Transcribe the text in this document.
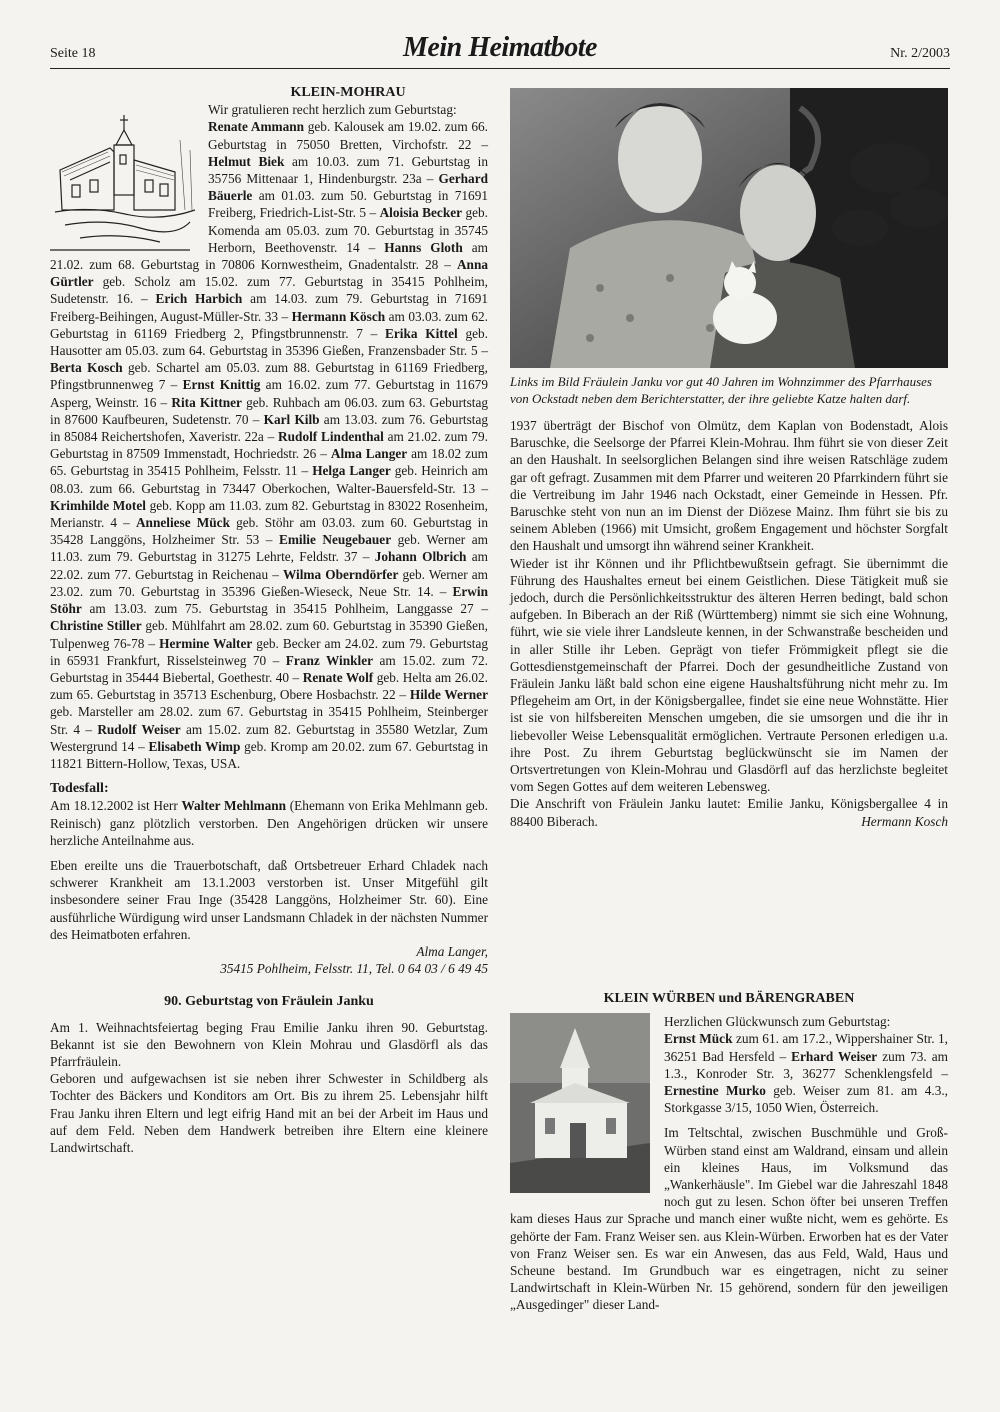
Seite 18	Mein Heimatbote	Nr. 2/2003
KLEIN-MOHRAU

Wir gratulieren recht herzlich zum Geburtstag:

Renate Ammann geb. Kalousek am 19.02. zum 66. Geburtstag in 75050 Bretten, Virchofstr. 22 – Helmut Biek am 10.03. zum 71. Geburtstag in 35756 Mittenaar 1, Hindenburgstr. 23a – Gerhard Bäuerle am 01.03. zum 50. Geburtstag in 71691 Freiberg, Friedrich-List-Str. 5 – Aloisia Becker geb. Komenda am 05.03. zum 70. Geburtstag in 35745 Herborn, Beethovenstr. 14 – Hanns Gloth am 21.02. zum 68. Geburtstag in 70806 Kornwestheim, Gnadentalstr. 28 – Anna Gürtler geb. Scholz am 15.02. zum 77. Geburtstag in 35415 Pohlheim, Sudetenstr. 16. – Erich Harbich am 14.03. zum 79. Geburtstag in 71691 Freiberg-Beihingen, August-Müller-Str. 33 – Hermann Kösch am 03.03. zum 62. Geburtstag in 61169 Friedberg 2, Pfingstbrunnenstr. 7 – Erika Kittel geb. Hausotter am 05.03. zum 64. Geburtstag in 35396 Gießen, Franzensbader Str. 5 – Berta Kosch geb. Schartel am 05.03. zum 88. Geburtstag in 61169 Friedberg, Pfingstbrunnenweg 7 – Ernst Knittig am 16.02. zum 77. Geburtstag in 11679 Asperg, Weinstr. 16 – Rita Kittner geb. Ruhbach am 06.03. zum 63. Geburtstag in 87600 Kaufbeuren, Sudetenstr. 70 – Karl Kilb am 13.03. zum 76. Geburtstag in 85084 Reichertshofen, Xaveristr. 22a – Rudolf Lindenthal am 21.02. zum 79. Geburtstag in 87509 Immenstadt, Hochriedstr. 26 – Alma Langer am 18.02 zum 65. Geburtstag in 35415 Pohlheim, Felsstr. 11 – Helga Langer geb. Heinrich am 08.03. zum 66. Geburtstag in 73447 Oberkochen, Walter-Bauersfeld-Str. 13 – Krimhilde Motel geb. Kopp am 11.03. zum 82. Geburtstag in 83022 Rosenheim, Merianstr. 4 – Anneliese Mück geb. Stöhr am 03.03. zum 60. Geburtstag in 35428 Langgöns, Holzheimer Str. 53 – Emilie Neugebauer geb. Werner am 11.03. zum 79. Geburtstag in 31275 Lehrte, Feldstr. 37 – Johann Olbrich am 22.02. zum 77. Geburtstag in Reichenau – Wilma Oberndörfer geb. Werner am 23.02. zum 70. Geburtstag in 35396 Gießen-Wieseck, Neue Str. 14. – Erwin Stöhr am 13.03. zum 75. Geburtstag in 35415 Pohlheim, Langgasse 27 – Christine Stiller geb. Mühlfahrt am 28.02. zum 60. Geburtstag in 35390 Gießen, Tulpenweg 76-78 – Hermine Walter geb. Becker am 24.02. zum 79. Geburtstag in 65931 Frankfurt, Risselsteinweg 70 – Franz Winkler am 15.02. zum 72. Geburtstag in 35444 Biebertal, Goethestr. 40 – Renate Wolf geb. Helta am 26.02. zum 65. Geburtstag in 35713 Eschenburg, Obere Hosbachstr. 22 – Hilde Werner geb. Marsteller am 28.02. zum 67. Geburtstag in 35415 Pohlheim, Steinberger Str. 4 – Rudolf Weiser am 15.02. zum 82. Geburtstag in 35580 Wetzlar, Zum Westergrund 14 – Elisabeth Wimp geb. Kromp am 20.02. zum 67. Geburtstag in 11821 Bittern-Hollow, Texas, USA.

Todesfall:

Am 18.12.2002 ist Herr Walter Mehlmann (Ehemann von Erika Mehlmann geb. Reinisch) ganz plötzlich verstorben. Den Angehörigen drücken wir unsere herzliche Anteilnahme aus.

Eben ereilte uns die Trauerbotschaft, daß Ortsbetreuer Erhard Chladek nach schwerer Krankheit am 13.1.2003 verstorben ist. Unser Mitgefühl gilt insbesondere seiner Frau Inge (35428 Langgöns, Holzheimer Str. 60). Eine ausführliche Würdigung wird unser Landsmann Chladek in der nächsten Nummer des Heimatboten erfahren.

Alma Langer,

35415 Pohlheim, Felsstr. 11, Tel. 0 64 03 / 6 49 45

90. Geburtstag von Fräulein Janku

Am 1. Weihnachtsfeiertag beging Frau Emilie Janku ihren 90. Geburtstag. Bekannt ist sie den Bewohnern von Klein Mohrau und Glasdörfl als das Pfarrfräulein.

Geboren und aufgewachsen ist sie neben ihrer Schwester in Schildberg als Tochter des Bäckers und Konditors am Ort. Bis zu ihrem 25. Lebensjahr hilft Frau Janku ihren Eltern und legt eifrig Hand mit an bei der Arbeit im Haus und auf dem Feld. Neben dem Handwerk betreiben ihre Eltern eine kleinere Landwirtschaft.

Links im Bild Fräulein Janku vor gut 40 Jahren im Wohnzimmer des Pfarrhauses von Ockstadt neben dem Berichterstatter, der ihre geliebte Katze halten darf.

1937 überträgt der Bischof von Olmütz, dem Kaplan von Bodenstadt, Alois Baruschke, die Seelsorge der Pfarrei Klein-Mohrau. Ihm führt sie von dieser Zeit an den Haushalt. In seelsorglichen Belangen sind ihre weisen Ratschläge zudem gar oft gefragt. Zusammen mit dem Pfarrer und weiteren 20 Pfarrkindern führt sie die Vertreibung im Jahr 1946 nach Ockstadt, einer Gemeinde in Hessen. Pfr. Baruschke steht von nun an im Dienst der Diözese Mainz. Ihm führt sie bis zu seinem Ableben (1966) mit Umsicht, großem Engagement und höchster Sorgfalt den Haushalt und umsorgt ihn während seiner Krankheit.

Wieder ist ihr Können und ihr Pflichtbewußtsein gefragt. Sie übernimmt die Führung des Haushaltes erneut bei einem Geistlichen. Diese Tätigkeit muß sie jedoch, durch die Persönlichkeitsstruktur des älteren Herren bedingt, bald schon aufgeben. In Biberach an der Riß (Württemberg) nimmt sie sich eine Wohnung, führt, wie sie viele ihrer Landsleute kennen, in der Schwanstraße bescheiden und in aller Stille ihr Leben. Geprägt von tiefer Frömmigkeit pflegt sie die Gottesdienstgemeinschaft der Pfarrei. Doch der gesundheitliche Zustand von Fräulein Janku läßt bald schon eine eigene Haushaltsführung nicht mehr zu. Im Pflegeheim am Ort, in der Königsbergallee, findet sie eine neue Wohnstätte. Hier ist sie von hilfsbereiten Menschen umgeben, die sie umsorgen und die ihr in liebevoller Weise Lebensqualität ermöglichen. Vertraute Personen erledigen u.a. ihre Post. Zu ihrem Geburtstag beglückwünscht sie im Namen der Ortsvertretungen von Klein-Mohrau und Glasdörfl auf das herzlichste begleitet vom Segen Gottes auf dem weiteren Lebensweg.

Die Anschrift von Fräulein Janku lautet: Emilie Janku, Königsbergallee 4 in 88400 Biberach.	Hermann Kosch

KLEIN WÜRBEN und BÄRENGRABEN

Herzlichen Glückwunsch zum Geburtstag:

Ernst Mück zum 61. am 17.2., Wippershainer Str. 1, 36251 Bad Hersfeld – Erhard Weiser zum 73. am 1.3., Konroder Str. 3, 36277 Schenklengsfeld – Ernestine Murko geb. Weiser zum 81. am 4.3., Storkgasse 3/15, 1050 Wien, Österreich.

Im Teltschtal, zwischen Buschmühle und Groß-Würben stand einst am Waldrand, einsam und allein ein kleines Haus, im Volksmund das „Wankerhäusle". Im Giebel war die Jahreszahl 1848 noch gut zu lesen. Schon öfter bei unseren Treffen kam dieses Haus zur Sprache und manch einer wußte nicht, wem es gehörte. Es gehörte der Fam. Franz Weiser sen. aus Klein-Würben. Erworben hat es der Vater von Franz Weiser sen. Es war ein Anwesen, das aus Feld, Wald, Haus und Scheune bestand. Im Grundbuch war es eingetragen, nicht zu seiner Landwirtschaft in Klein-Würben Nr. 15 gehörend, sondern für den jeweiligen „Ausgedinger" dieser Land-
